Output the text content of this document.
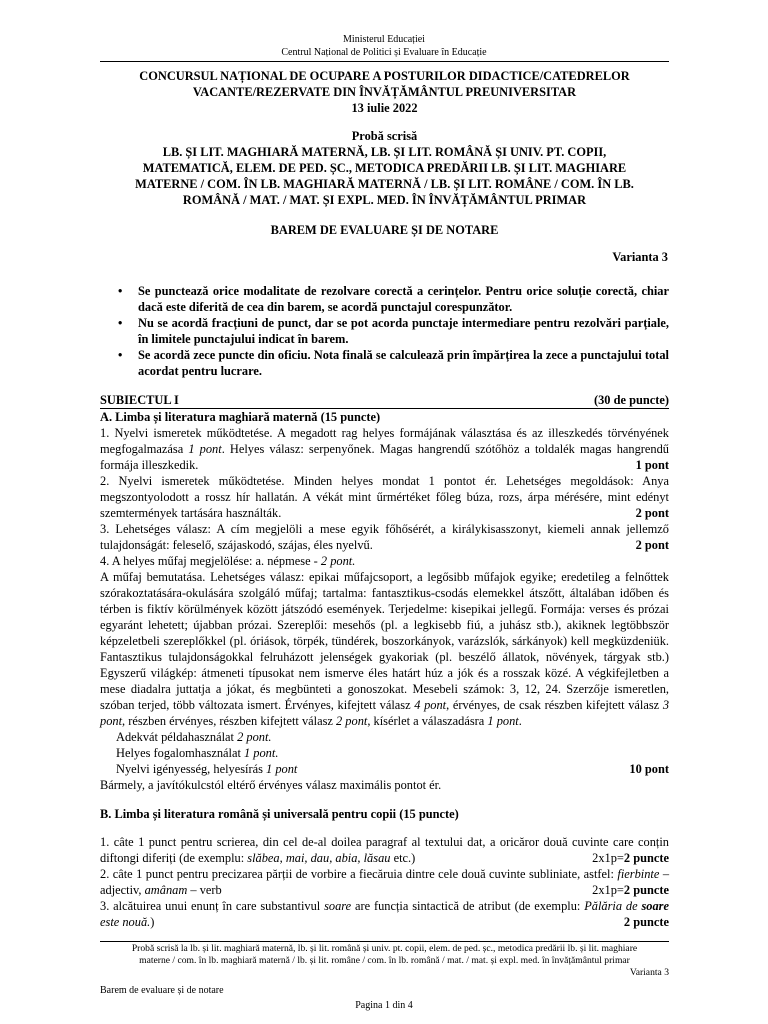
Ministerul Educației
Centrul Național de Politici și Evaluare în Educație
CONCURSUL NAȚIONAL DE OCUPARE A POSTURILOR DIDACTICE/CATEDRELOR
VACANTE/REZERVATE DIN ÎNVĂȚĂMÂNTUL PREUNIVERSITAR
13 iulie 2022
Probă scrisă
LB. ȘI LIT. MAGHIARĂ MATERNĂ, LB. ȘI LIT. ROMÂNĂ ȘI UNIV. PT. COPII,
MATEMATICĂ, ELEM. DE PED. ȘC., METODICA PREDĂRII LB. ȘI LIT. MAGHIARE
MATERNE / COM. ÎN LB. MAGHIARĂ MATERNĂ / LB. ȘI LIT. ROMÂNE / COM. ÎN LB.
ROMÂNĂ / MAT. / MAT. ȘI EXPL. MED. ÎN ÎNVĂȚĂMÂNTUL PRIMAR
BAREM DE EVALUARE ȘI DE NOTARE
Varianta 3
• Se punctează orice modalitate de rezolvare corectă a cerințelor. Pentru orice soluție corectă, chiar dacă este diferită de cea din barem, se acordă punctajul corespunzător.
• Nu se acordă fracțiuni de punct, dar se pot acorda punctaje intermediare pentru rezolvări parțiale, în limitele punctajului indicat în barem.
• Se acordă zece puncte din oficiu. Nota finală se calculează prin împărțirea la zece a punctajului total acordat pentru lucrare.
SUBIECTUL I	(30 de puncte)
A. Limba și literatura maghiară maternă (15 puncte)
1. Nyelvi ismeretek működtetése. A megadott rag helyes formájának választása és az illeszkedés törvényének megfogalmazása 1 pont. Helyes válasz: serpenyőnek. Magas hangrendű szótőhöz a toldalék magas hangrendű formája illeszkedik.	1 pont
2. Nyelvi ismeretek működtetése. Minden helyes mondat 1 pontot ér. Lehetséges megoldások: Anya megszontyolodott a rossz hír hallatán. A vékát mint űrmértéket főleg búza, rozs, árpa mérésére, mint edényt szemtermények tartására használták.	2 pont
3. Lehetséges válasz: A cím megjelöli a mese egyik főhősérét, a királykisasszonyt, kiemeli annak jellemző tulajdonságát: feleselő, szájaskodó, szájas, éles nyelvű.	2 pont
4. A helyes műfaj megjelölése: a. népmese - 2 pont.
A műfaj bemutatása. Lehetséges válasz: epikai műfajcsoport, a legősibb műfajok egyike; eredetileg a felnőttek szórakoztatására-okulására szolgáló műfaj; tartalma: fantasztikus-csodás elemekkel átszőtt, általában időben és térben is fiktív körülmények között játszódó események. Terjedelme: kisepikai jellegű. Formája: verses és prózai egyaránt lehetett; újabban prózai. Szereplői: mesehős (pl. a legkisebb fiú, a juhász stb.), akiknek legtöbbször képzeletbeli szereplőkkel (pl. óriások, törpék, tündérek, boszorkányok, varázslók, sárkányok) kell megküzdeniük. Fantasztikus tulajdonságokkal felruházott jelenségek gyakoriak (pl. beszélő állatok, növények, tárgyak stb.) Egyszerű világkép: átmeneti típusokat nem ismerve éles határt húz a jók és a rosszak közé. A végkifejletben a mese diadalra juttatja a jókat, és megbünteti a gonoszokat. Mesebeli számok: 3, 12, 24. Szerzője ismeretlen, szóban terjed, több változata ismert. Érvényes, kifejtett válasz 4 pont, érvényes, de csak részben kifejtett válasz 3 pont, részben érvényes, részben kifejtett válasz 2 pont, kísérlet a válaszadásra 1 pont.
Adekvát példahasználat 2 pont.
Helyes fogalomhasználat 1 pont.
Nyelvi igényesség, helyesírás 1 pont	10 pont
Bármely, a javítókulcstól eltérő érvényes válasz maximális pontot ér.
B. Limba și literatura română și universală pentru copii (15 puncte)
1. câte 1 punct pentru scrierea, din cel de-al doilea paragraf al textului dat, a oricăror două cuvinte care conțin diftongi diferiți (de exemplu: slăbea, mai, dau, abia, lăsau etc.)	2x1p=2 puncte
2. câte 1 punct pentru precizarea părții de vorbire a fiecăruia dintre cele două cuvinte subliniate, astfel: fierbinte – adjectiv, amânam – verb	2x1p=2 puncte
3. alcătuirea unui enunț în care substantivul soare are funcția sintactică de atribut (de exemplu: Pălăria de soare este nouă.)	2 puncte
Probă scrisă la lb. și lit. maghiară maternă, lb. și lit. română și univ. pt. copii, elem. de ped. șc., metodica predării lb. și lit. maghiare
materne / com. în lb. maghiară maternă / lb. și lit. române / com. în lb. română / mat. / mat. și expl. med. în învățământul primar
Varianta 3
Barem de evaluare și de notare
Pagina 1 din 4
